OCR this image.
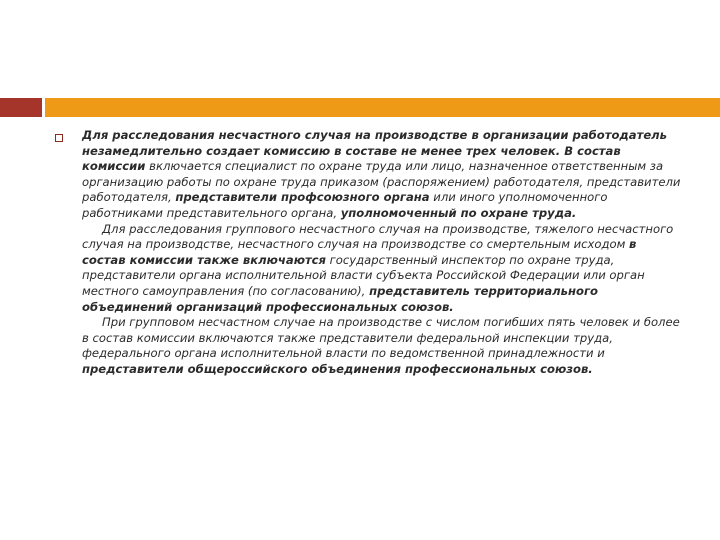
Для расследования несчастного случая на производстве в организации работодатель незамедлительно создает комиссию в составе не менее трех человек. В состав комиссии включается специалист по охране труда или лицо, назначенное ответственным за организацию работы по охране труда приказом (распоряжением) работодателя, представители работодателя, представители профсоюзного органа или иного уполномоченного работниками представительного органа, уполномоченный по охране труда.

Для расследования группового несчастного случая на производстве, тяжелого несчастного случая на производстве, несчастного случая на производстве со смертельным исходом в состав комиссии также включаются государственный инспектор по охране труда, представители органа исполнительной власти субъекта Российской Федерации или орган местного самоуправления (по согласованию), представитель территориального объединений организаций профессиональных союзов.

При групповом несчастном случае на производстве с числом погибших пять человек и более в состав комиссии включаются также представители федеральной инспекции труда, федерального органа исполнительной власти по ведомственной принадлежности и представители общероссийского объединения профессиональных союзов.
